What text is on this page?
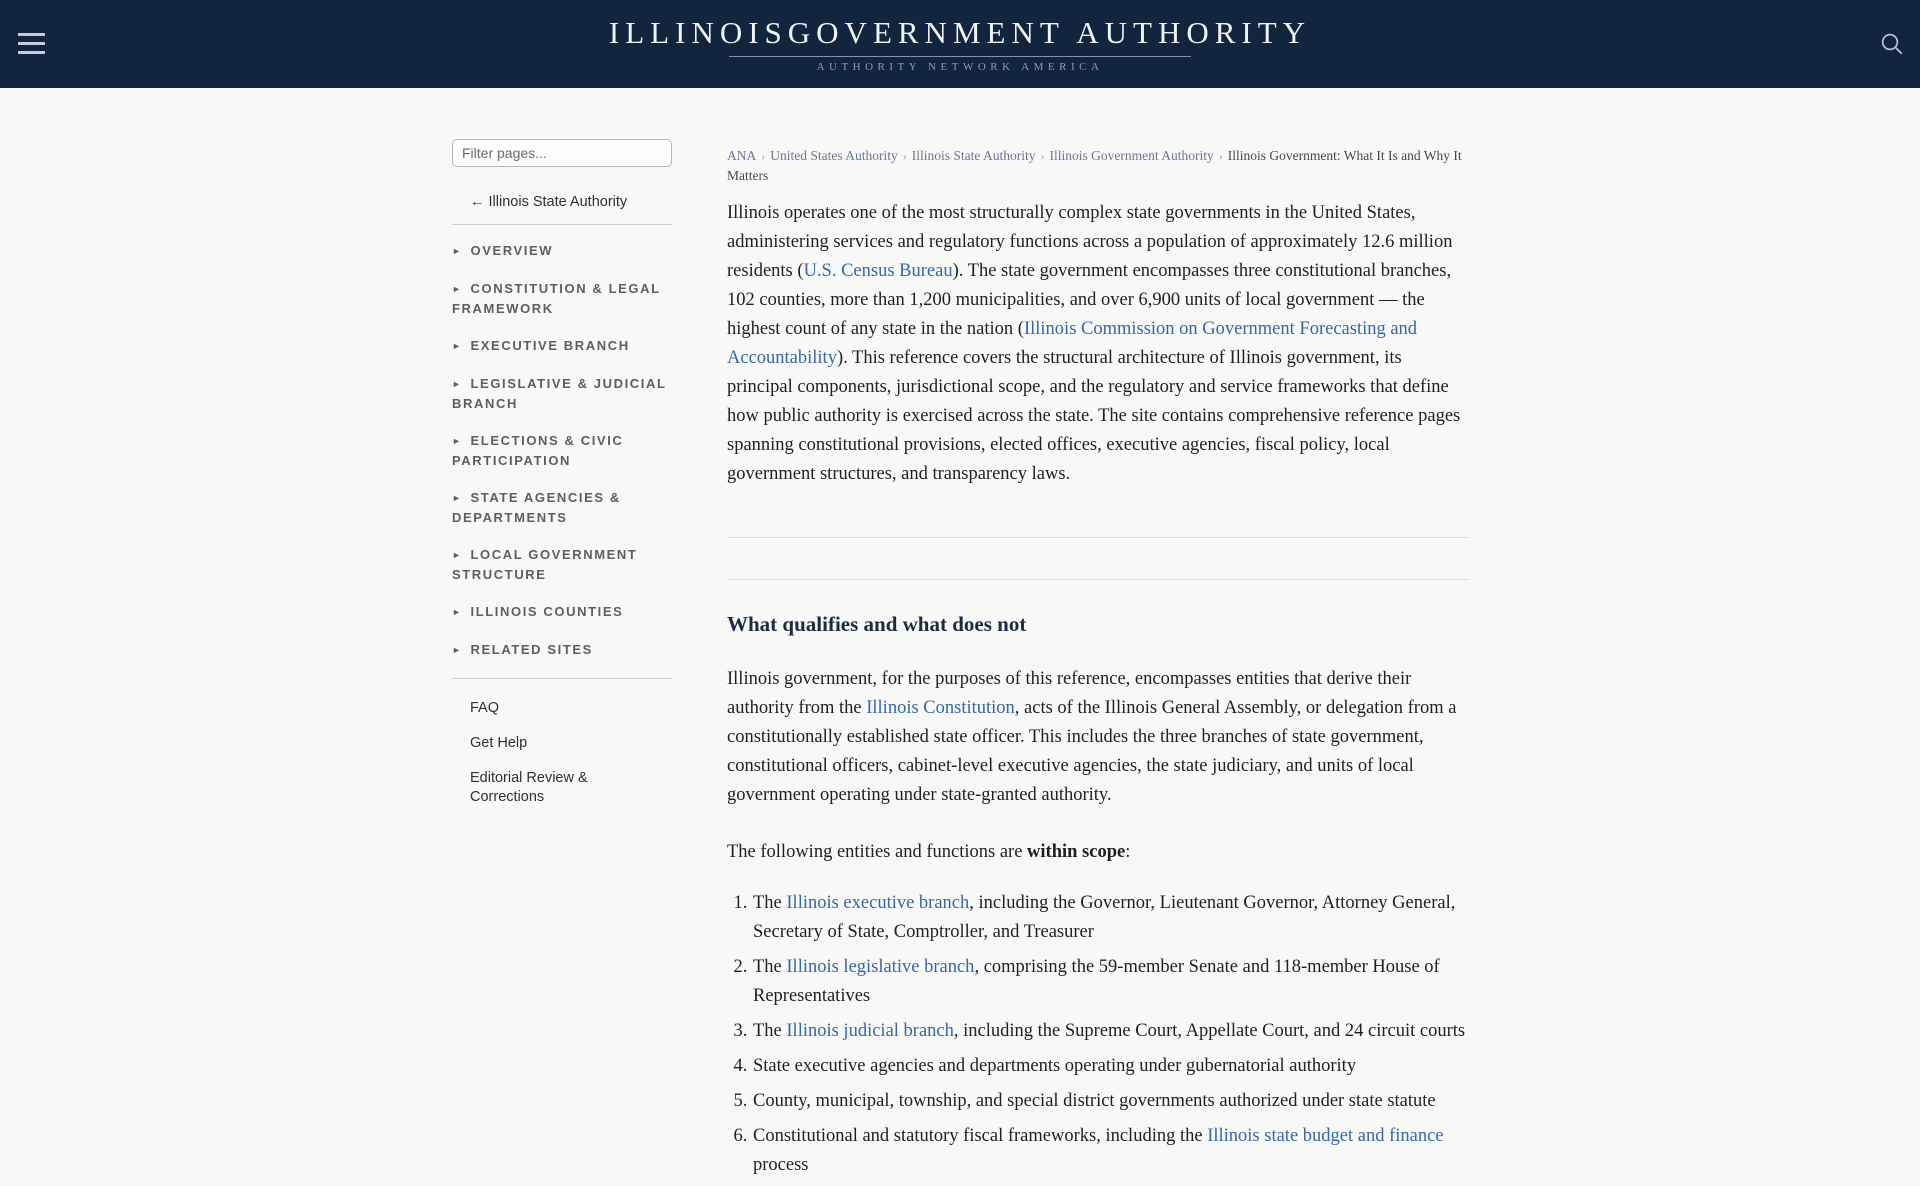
ILLINOISGOVERNMENT AUTHORITY
AUTHORITY NETWORK AMERICA
Filter pages...
← Illinois State Authority
► OVERVIEW
► CONSTITUTION & LEGAL FRAMEWORK
► EXECUTIVE BRANCH
► LEGISLATIVE & JUDICIAL BRANCH
► ELECTIONS & CIVIC PARTICIPATION
► STATE AGENCIES & DEPARTMENTS
► LOCAL GOVERNMENT STRUCTURE
► ILLINOIS COUNTIES
► RELATED SITES
FAQ
Get Help
Editorial Review & Corrections
ANA › United States Authority › Illinois State Authority › Illinois Government Authority › Illinois Government: What It Is and Why It Matters

Illinois operates one of the most structurally complex state governments in the United States, administering services and regulatory functions across a population of approximately 12.6 million residents (U.S. Census Bureau). The state government encompasses three constitutional branches, 102 counties, more than 1,200 municipalities, and over 6,900 units of local government — the highest count of any state in the nation (Illinois Commission on Government Forecasting and Accountability). This reference covers the structural architecture of Illinois government, its principal components, jurisdictional scope, and the regulatory and service frameworks that define how public authority is exercised across the state. The site contains comprehensive reference pages spanning constitutional provisions, elected offices, executive agencies, fiscal policy, local government structures, and transparency laws.

What qualifies and what does not

Illinois government, for the purposes of this reference, encompasses entities that derive their authority from the Illinois Constitution, acts of the Illinois General Assembly, or delegation from a constitutionally established state officer. This includes the three branches of state government, constitutional officers, cabinet-level executive agencies, the state judiciary, and units of local government operating under state-granted authority.

The following entities and functions are within scope:

1. The Illinois executive branch, including the Governor, Lieutenant Governor, Attorney General, Secretary of State, Comptroller, and Treasurer
2. The Illinois legislative branch, comprising the 59-member Senate and 118-member House of Representatives
3. The Illinois judicial branch, including the Supreme Court, Appellate Court, and 24 circuit courts
4. State executive agencies and departments operating under gubernatorial authority
5. County, municipal, township, and special district governments authorized under state statute
6. Constitutional and statutory fiscal frameworks, including the Illinois state budget and finance process
